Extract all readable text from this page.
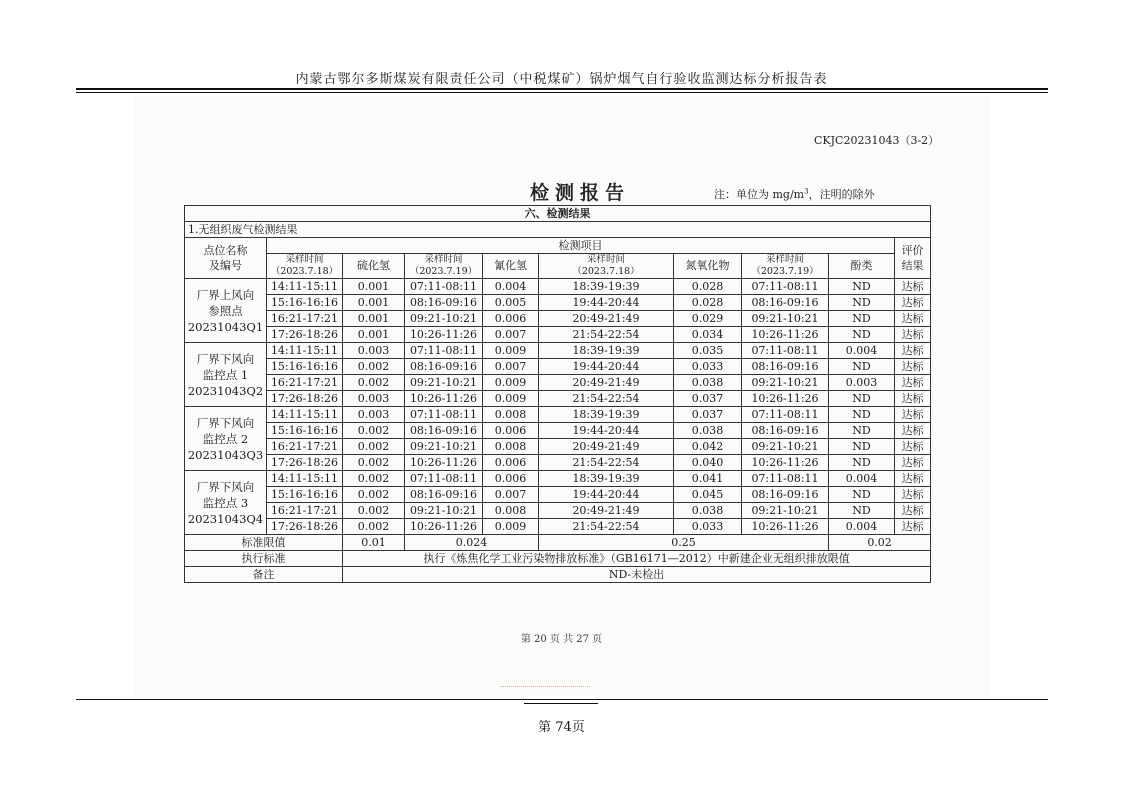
内蒙古鄂尔多斯煤炭有限责任公司（中税煤矿）锅炉烟气自行验收监测达标分析报告表
CKJC20231043（3-2）
检测报告	注：单位为 $mg/m^3$，注明的除外
六、检测结果									
1.无组织废气检测结果									
点位名称
及编号	检测项目								评价
结果
	采样时间
（2023.7.18）	硫化氢	采样时间
（2023.7.19）	氰化氢	采样时间
（2023.7.18）	氮氧化物	采样时间
（2023.7.19）	酚类	
厂界上风向
参照点
20231043Q1	14:11-15:11	0.001	07:11-08:11	0.004	18:39-19:39	0.028	07:11-08:11	ND	达标
	15:16-16:16	0.001	08:16-09:16	0.005	19:44-20:44	0.028	08:16-09:16	ND	达标
	16:21-17:21	0.001	09:21-10:21	0.006	20:49-21:49	0.029	09:21-10:21	ND	达标
	17:26-18:26	0.001	10:26-11:26	0.007	21:54-22:54	0.034	10:26-11:26	ND	达标
厂界下风向
监控点 1
20231043Q2	14:11-15:11	0.003	07:11-08:11	0.009	18:39-19:39	0.035	07:11-08:11	0.004	达标
	15:16-16:16	0.002	08:16-09:16	0.007	19:44-20:44	0.033	08:16-09:16	ND	达标
	16:21-17:21	0.002	09:21-10:21	0.009	20:49-21:49	0.038	09:21-10:21	0.003	达标
	17:26-18:26	0.003	10:26-11:26	0.009	21:54-22:54	0.037	10:26-11:26	ND	达标
厂界下风向
监控点 2
20231043Q3	14:11-15:11	0.003	07:11-08:11	0.008	18:39-19:39	0.037	07:11-08:11	ND	达标
	15:16-16:16	0.002	08:16-09:16	0.006	19:44-20:44	0.038	08:16-09:16	ND	达标
	16:21-17:21	0.002	09:21-10:21	0.008	20:49-21:49	0.042	09:21-10:21	ND	达标
	17:26-18:26	0.002	10:26-11:26	0.006	21:54-22:54	0.040	10:26-11:26	ND	达标
厂界下风向
监控点 3
20231043Q4	14:11-15:11	0.002	07:11-08:11	0.006	18:39-19:39	0.041	07:11-08:11	0.004	达标
	15:16-16:16	0.002	08:16-09:16	0.007	19:44-20:44	0.045	08:16-09:16	ND	达标
	16:21-17:21	0.002	09:21-10:21	0.008	20:49-21:49	0.038	09:21-10:21	ND	达标
	17:26-18:26	0.002	10:26-11:26	0.009	21:54-22:54	0.033	10:26-11:26	0.004	达标
标准限值		0.01	0.024		0.25			0.02	
执行标准		执行《炼焦化学工业污染物排放标准》（GB16171—2012）中新建企业无组织排放限值							
备注		ND-未检出							
第 20 页 共 27 页
第 74页
